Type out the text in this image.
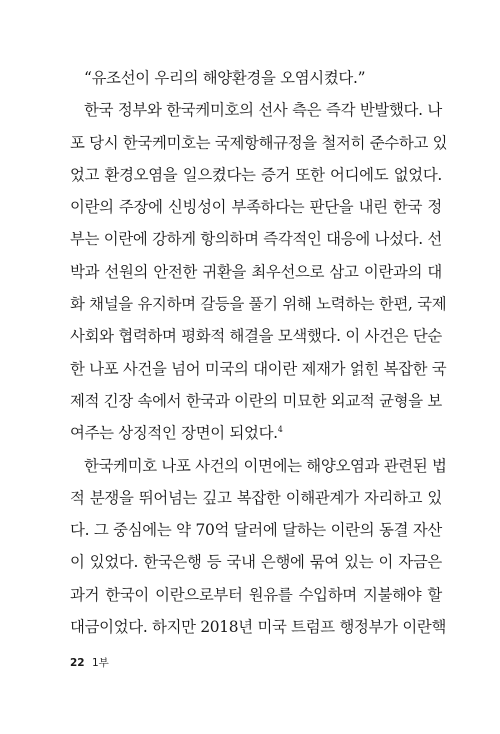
“유조선이 우리의 해양환경을 오염시켰다.”
한국 정부와 한국케미호의 선사 측은 즉각 반발했다. 나
포 당시 한국케미호는 국제항해규정을 철저히 준수하고 있
었고 환경오염을 일으켰다는 증거 또한 어디에도 없었다.
이란의 주장에 신빙성이 부족하다는 판단을 내린 한국 정
부는 이란에 강하게 항의하며 즉각적인 대응에 나섰다. 선
박과 선원의 안전한 귀환을 최우선으로 삼고 이란과의 대
화 채널을 유지하며 갈등을 풀기 위해 노력하는 한편, 국제
사회와 협력하며 평화적 해결을 모색했다. 이 사건은 단순
한 나포 사건을 넘어 미국의 대이란 제재가 얽힌 복잡한 국
제적 긴장 속에서 한국과 이란의 미묘한 외교적 균형을 보
여주는 상징적인 장면이 되었다.$^4$
한국케미호 나포 사건의 이면에는 해양오염과 관련된 법
적 분쟁을 뛰어넘는 깊고 복잡한 이해관계가 자리하고 있
다. 그 중심에는 약 70억 달러에 달하는 이란의 동결 자산
이 있었다. 한국은행 등 국내 은행에 묶여 있는 이 자금은
과거 한국이 이란으로부터 원유를 수입하며 지불해야 할
대금이었다. 하지만 2018년 미국 트럼프 행정부가 이란핵
22 1부
